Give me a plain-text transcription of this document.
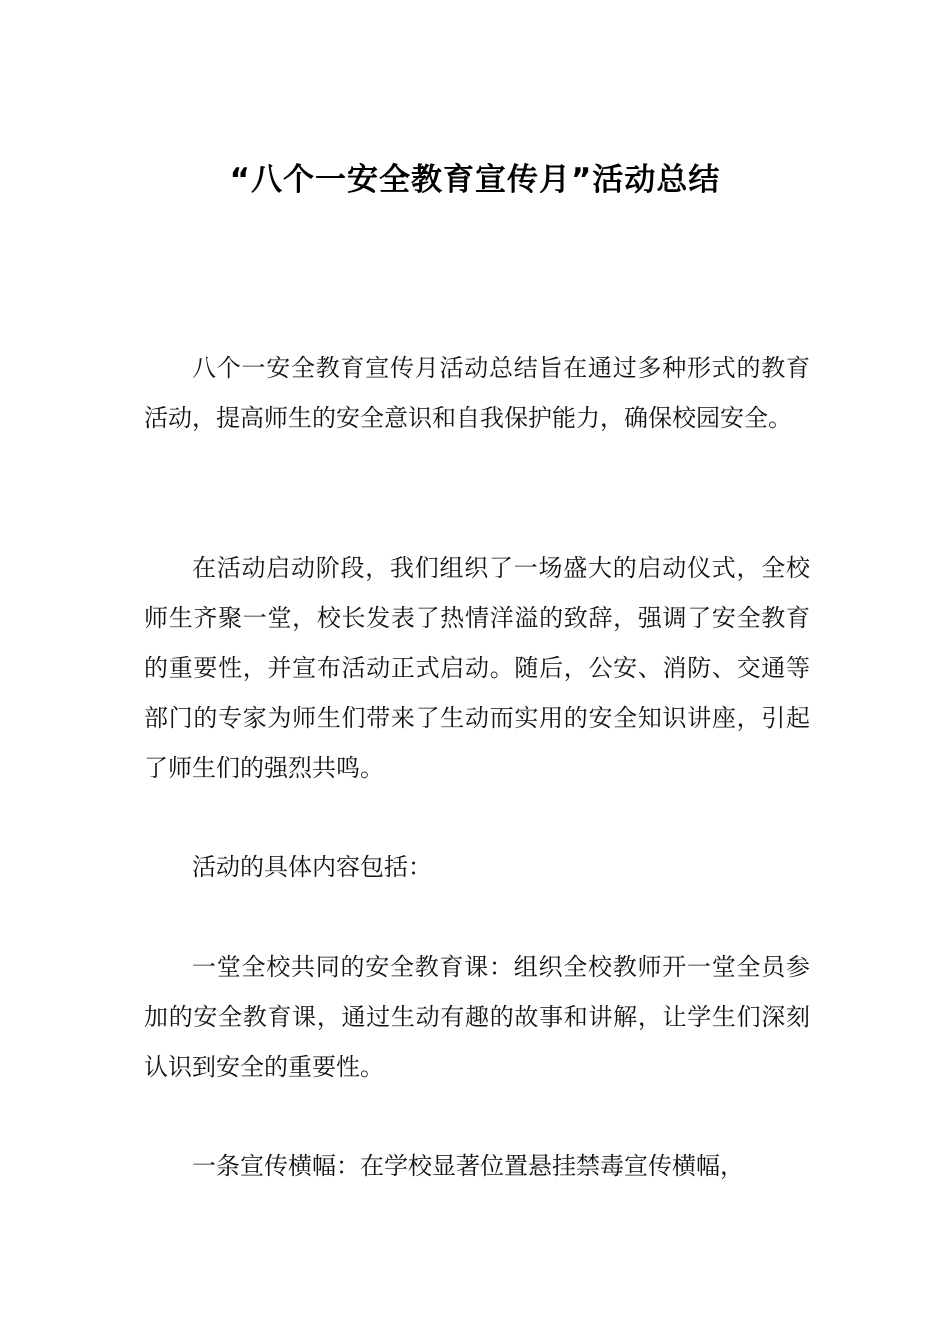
“八个一安全教育宣传月”活动总结

八个一安全教育宣传月活动总结旨在通过多种形式的教育活动，提高师生的安全意识和自我保护能力，确保校园安全。

在活动启动阶段，我们组织了一场盛大的启动仪式，全校师生齐聚一堂，校长发表了热情洋溢的致辞，强调了安全教育的重要性，并宣布活动正式启动。随后，公安、消防、交通等部门的专家为师生们带来了生动而实用的安全知识讲座，引起了师生们的强烈共鸣。

活动的具体内容包括：

一堂全校共同的安全教育课：组织全校教师开一堂全员参加的安全教育课，通过生动有趣的故事和讲解，让学生们深刻认识到安全的重要性。

一条宣传横幅：在学校显著位置悬挂禁毒宣传横幅，
